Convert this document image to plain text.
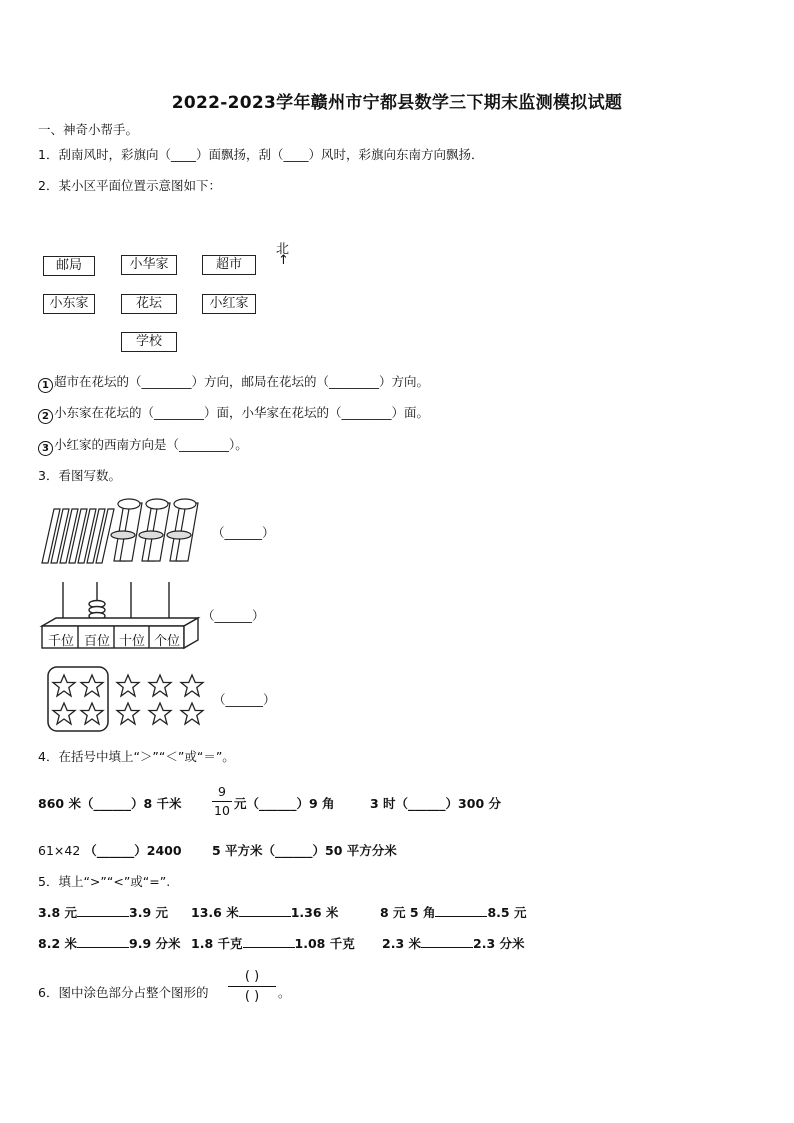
2022-2023学年赣州市宁都县数学三下期末监测模拟试题
一、神奇小帮手。
1．刮南风时，彩旗向（____）面飘扬，刮（____）风时，彩旗向东南方向飘扬．
2．某小区平面位置示意图如下：
邮局	小华家	超市
北
↑
小东家	花坛	小红家
学校
1 超市在花坛的（________）方向，邮局在花坛的（________）方向。
2 小东家在花坛的（________）面，小华家在花坛的（________）面。
3 小红家的西南方向是（________）。
3．看图写数。
（______）
千位 百位 十位 个位
（______）
（______）
4．在括号中填上“＞”“＜”或“＝”。
860 米（______）8 千米
9
10 元（______）9 角	3 时（______）300 分
61×42 （______）2400 5 平方米（______）50 平方分米
5．填上“>”“<”或“=”.
3.8 元	3.9 元 13.6 米	1.36 米	8 元 5 角	8.5 元
8.2 米	9.9 分米 1.8 千克	1.08 千克 2.3 米	2.3 分米
6．图中涂色部分占整个图形的
( )
( )	。
